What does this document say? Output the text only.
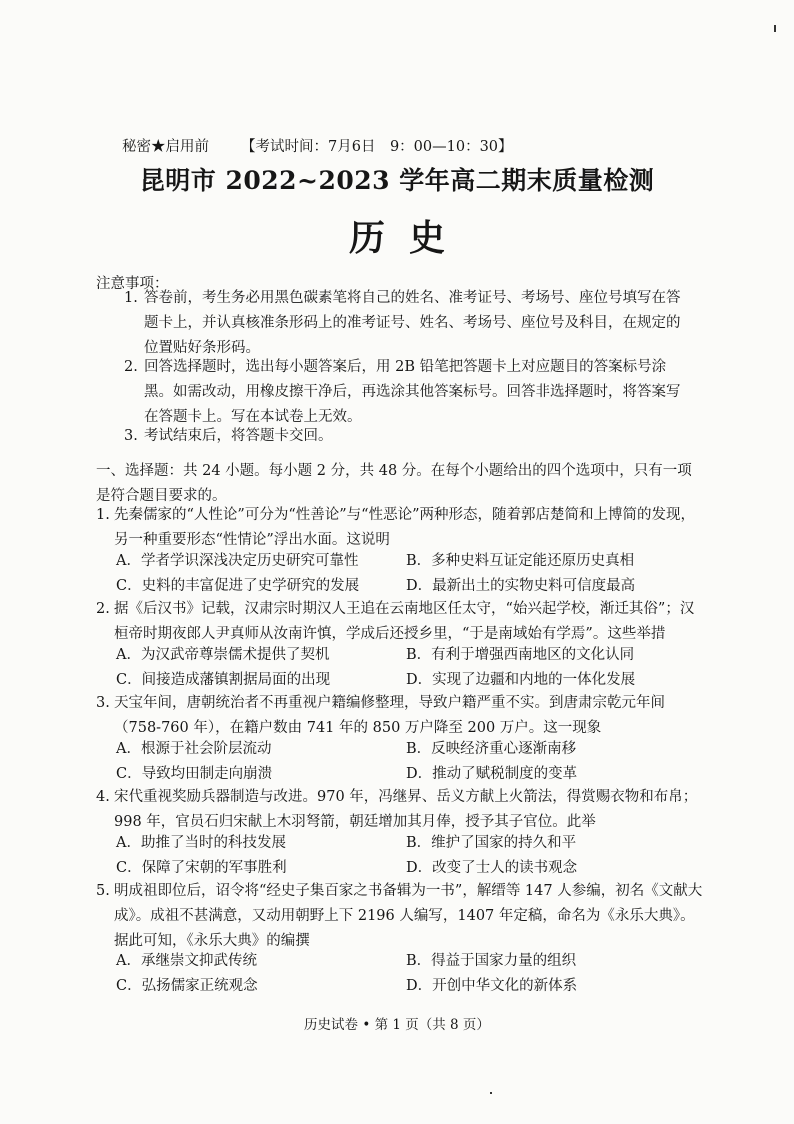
秘密★启用前 【考试时间：7月6日　9：00—10：30】
昆明市 2022~2023 学年高二期末质量检测
历史
注意事项：
1. 答卷前，考生务必用黑色碳素笔将自己的姓名、准考证号、考场号、座位号填写在答题卡上，并认真核准条形码上的准考证号、姓名、考场号、座位号及科目，在规定的位置贴好条形码。
2. 回答选择题时，选出每小题答案后，用 2B 铅笔把答题卡上对应题目的答案标号涂黑。如需改动，用橡皮擦干净后，再选涂其他答案标号。回答非选择题时，将答案写在答题卡上。写在本试卷上无效。
3. 考试结束后，将答题卡交回。
一、选择题：共 24 小题。每小题 2 分，共 48 分。在每个小题给出的四个选项中，只有一项是符合题目要求的。
1. 先秦儒家的“人性论”可分为“性善论”与“性恶论”两种形态，随着郭店楚简和上博简的发现，另一种重要形态“性情论”浮出水面。这说明
A．学者学识深浅决定历史研究可靠性	B．多种史料互证定能还原历史真相
C．史料的丰富促进了史学研究的发展	D．最新出土的实物史料可信度最高
2. 据《后汉书》记载，汉肃宗时期汉人王追在云南地区任太守，“始兴起学校，渐迁其俗”；汉桓帝时期夜郎人尹真师从汝南许慎，学成后还授乡里，“于是南域始有学焉”。这些举措
A．为汉武帝尊崇儒术提供了契机	B．有利于增强西南地区的文化认同
C．间接造成藩镇割据局面的出现	D．实现了边疆和内地的一体化发展
3. 天宝年间，唐朝统治者不再重视户籍编修整理，导致户籍严重不实。到唐肃宗乾元年间（758-760 年），在籍户数由 741 年的 850 万户降至 200 万户。这一现象
A．根源于社会阶层流动	B．反映经济重心逐渐南移
C．导致均田制走向崩溃	D．推动了赋税制度的变革
4. 宋代重视奖励兵器制造与改进。970 年，冯继昇、岳义方献上火箭法，得赏赐衣物和布帛；998 年，官员石归宋献上木羽弩箭，朝廷增加其月俸，授予其子官位。此举
A．助推了当时的科技发展	B．维护了国家的持久和平
C．保障了宋朝的军事胜利	D．改变了士人的读书观念
5. 明成祖即位后，诏令将“经史子集百家之书备辑为一书”，解缙等 147 人参编，初名《文献大成》。成祖不甚满意，又动用朝野上下 2196 人编写，1407 年定稿，命名为《永乐大典》。据此可知，《永乐大典》的编撰
A．承继崇文抑武传统	B．得益于国家力量的组织
C．弘扬儒家正统观念	D．开创中华文化的新体系
历史试卷 • 第 1 页（共 8 页）
